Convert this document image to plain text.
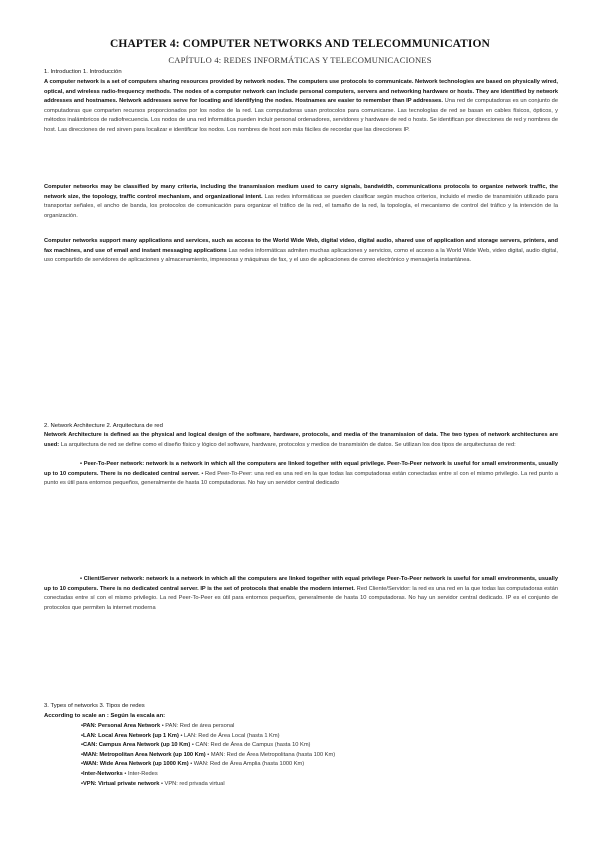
CHAPTER 4: COMPUTER NETWORKS AND TELECOMMUNICATION
CAPÍTULO 4: REDES INFORMÁTICAS Y TELECOMUNICACIONES
1. Introduction 1. Introducción
A computer network is a set of computers sharing resources provided by network nodes. The computers use protocols to communicate. Network technologies are based on physically wired, optical, and wireless radio-frequency methods. The nodes of a computer network can include personal computers, servers and networking hardware or hosts. They are identified by network addresses and hostnames. Network addresses serve for locating and identifying the nodes. Hostnames are easier to remember than IP addresses. Una red de computadoras es un conjunto de computadoras que comparten recursos proporcionados por los nodos de la red. Las computadoras usan protocolos para comunicarse. Las tecnologías de red se basan en cables físicos, ópticos, y métodos inalámbricos de radiofrecuencia. Los nodos de una red informática pueden incluir personal ordenadores, servidores y hardware de red o hosts. Se identifican por direcciones de red y nombres de host. Las direcciones de red sirven para localizar e identificar los nodos. Los nombres de host son más fáciles de recordar que las direcciones IP.
Computer networks may be classified by many criteria, including the transmission medium used to carry signals, bandwidth, communications protocols to organize network traffic, the network size, the topology, traffic control mechanism, and organizational intent. Las redes informáticas se pueden clasificar según muchos criterios, incluido el medio de transmisión utilizado para transportar señales, el ancho de banda, los protocolos de comunicación para organizar el tráfico de la red, el tamaño de la red, la topología, el mecanismo de control del tráfico y la intención de la organización.
Computer networks support many applications and services, such as access to the World Wide Web, digital video, digital audio, shared use of application and storage servers, printers, and fax machines, and use of email and instant messaging applications Las redes informáticas admiten muchas aplicaciones y servicios, como el acceso a la World Wide Web, video digital, audio digital, uso compartido de servidores de aplicaciones y almacenamiento, impresoras y máquinas de fax, y el uso de aplicaciones de correo electrónico y mensajería instantánea.
2. Network Architecture 2. Arquitectura de red
Network Architecture is defined as the physical and logical design of the software, hardware, protocols, and media of the transmission of data. The two types of network architectures are used: La arquitectura de red se define como el diseño físico y lógico del software, hardware, protocolos y medios de transmisión de datos. Se utilizan los dos tipos de arquitecturas de red:
• Peer-To-Peer network: network is a network in which all the computers are linked together with equal privilege. Peer-To-Peer network is useful for small environments, usually up to 10 computers. There is no dedicated central server. • Red Peer-To-Peer: una red es una red en la que todas las computadoras están conectadas entre sí con el mismo privilegio. La red punto a punto es útil para entornos pequeños, generalmente de hasta 10 computadoras. No hay un servidor central dedicado
• Client/Server network: network is a network in which all the computers are linked together with equal privilege Peer-To-Peer network is useful for small environments, usually up to 10 computers. There is no dedicated central server. IP is the set of protocols that enable the modern internet. Red Cliente/Servidor: la red es una red en la que todas las computadoras están conectadas entre sí con el mismo privilegio. La red Peer-To-Peer es útil para entornos pequeños, generalmente de hasta 10 computadoras. No hay un servidor central dedicado. IP es el conjunto de protocolos que permiten la internet moderna
3. Types of networks 3. Tipos de redes
According to scale an : Según la escala an:
•PAN: Personal Area Network • PAN: Red de área personal
•LAN: Local Area Network (up 1 Km) • LAN: Red de Área Local (hasta 1 Km)
•CAN: Campus Area Network (up 10 Km) • CAN: Red de Área de Campus (hasta 10 Km)
•MAN: Metropolitan Area Network (up 100 Km) • MAN: Red de Área Metropolitana (hasta 100 Km)
•WAN: Wide Area Network (up 1000 Km) • WAN: Red de Área Amplia (hasta 1000 Km)
•Inter-Networks • Inter-Redes
•VPN: Virtual private network • VPN: red privada virtual
